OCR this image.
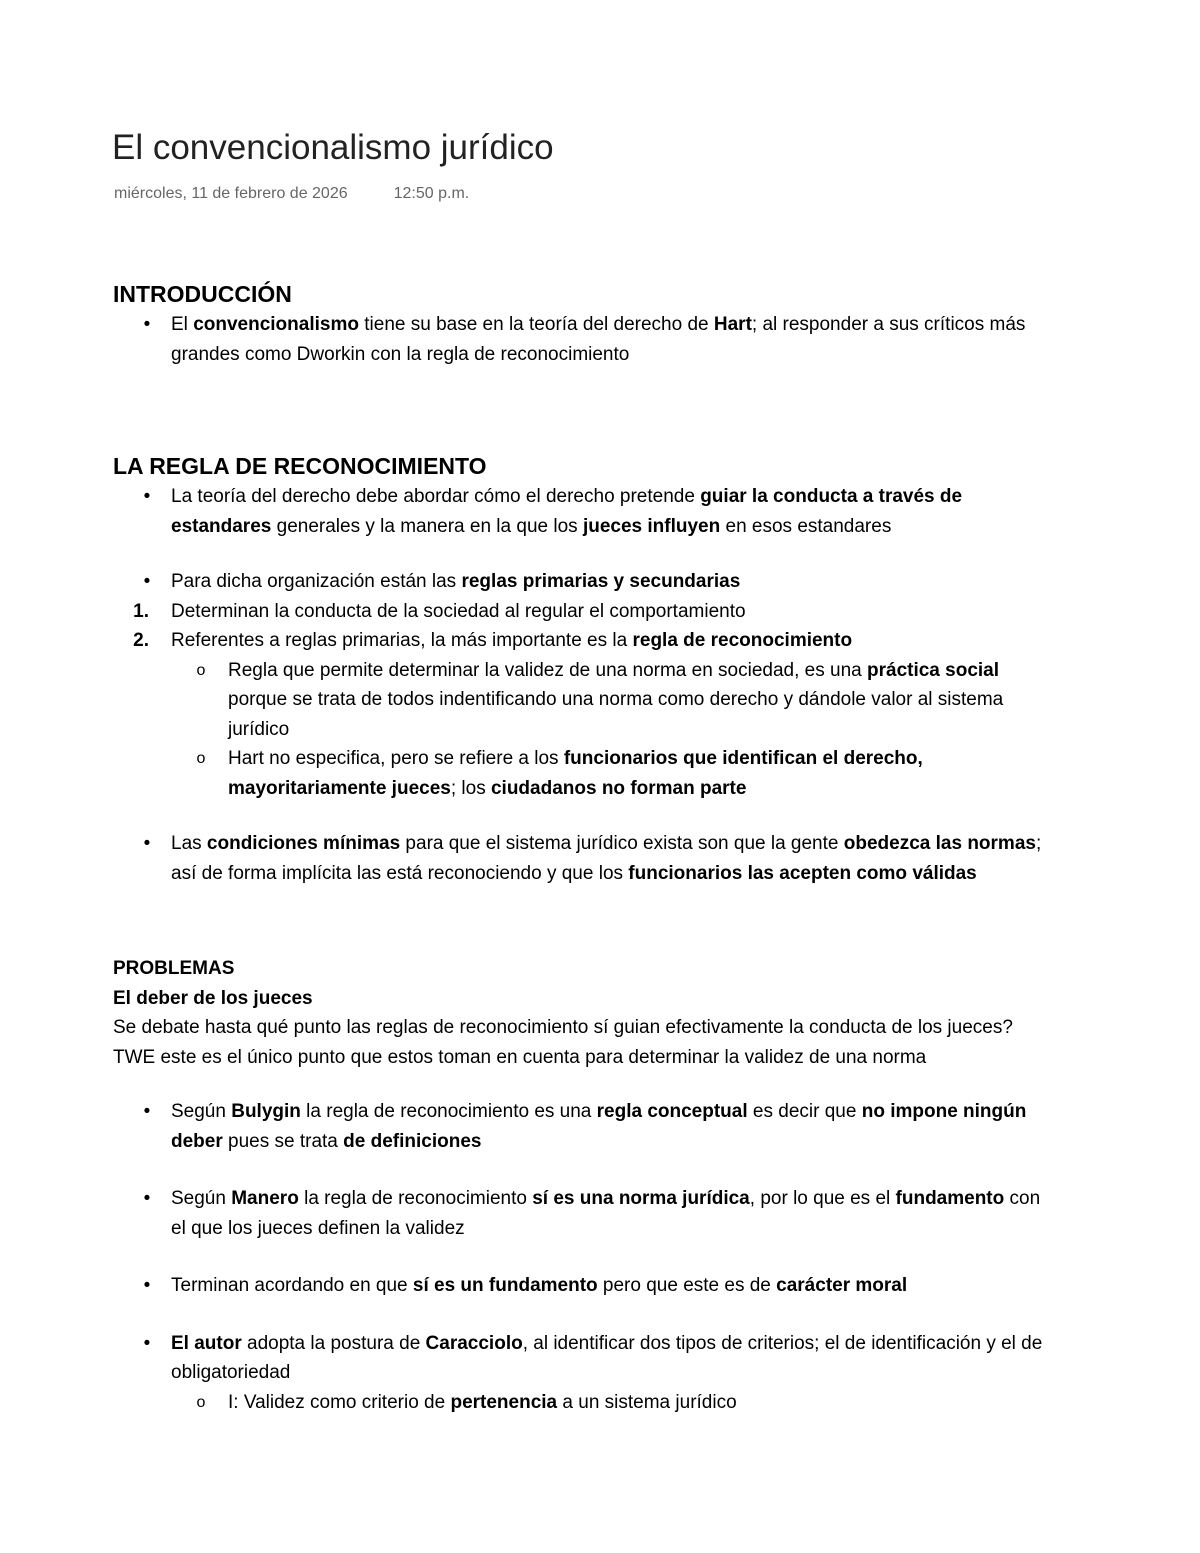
El convencionalismo jurídico
miércoles, 11 de febrero de 2026	12:50 p.m.
INTRODUCCIÓN
•	El convencionalismo tiene su base en la teoría del derecho de Hart; al responder a sus críticos más grandes como Dworkin con la regla de reconocimiento
LA REGLA DE RECONOCIMIENTO
•	La teoría del derecho debe abordar cómo el derecho pretende guiar la conducta a través de estandares generales y la manera en la que los jueces influyen en esos estandares
•	Para dicha organización están las reglas primarias y secundarias
1. Determinan la conducta de la sociedad al regular el comportamiento
2. Referentes a reglas primarias, la más importante es la regla de reconocimiento
o Regla que permite determinar la validez de una norma en sociedad, es una práctica social porque se trata de todos indentificando una norma como derecho y dándole valor al sistema jurídico
o Hart no especifica, pero se refiere a los funcionarios que identifican el derecho, mayoritariamente jueces; los ciudadanos no forman parte
•	Las condiciones mínimas para que el sistema jurídico exista son que la gente obedezca las normas; así de forma implícita las está reconociendo y que los funcionarios las acepten como válidas
PROBLEMAS
El deber de los jueces

Se debate hasta qué punto las reglas de reconocimiento sí guian efectivamente la conducta de los jueces? TWE este es el único punto que estos toman en cuenta para determinar la validez de una norma

•	Según Bulygin la regla de reconocimiento es una regla conceptual es decir que no impone ningún deber pues se trata de definiciones
•	Según Manero la regla de reconocimiento sí es una norma jurídica, por lo que es el fundamento con el que los jueces definen la validez
•	Terminan acordando en que sí es un fundamento pero que este es de carácter moral
•	El autor adopta la postura de Caracciolo, al identificar dos tipos de criterios; el de identificación y el de obligatoriedad
o I: Validez como criterio de pertenencia a un sistema jurídico
